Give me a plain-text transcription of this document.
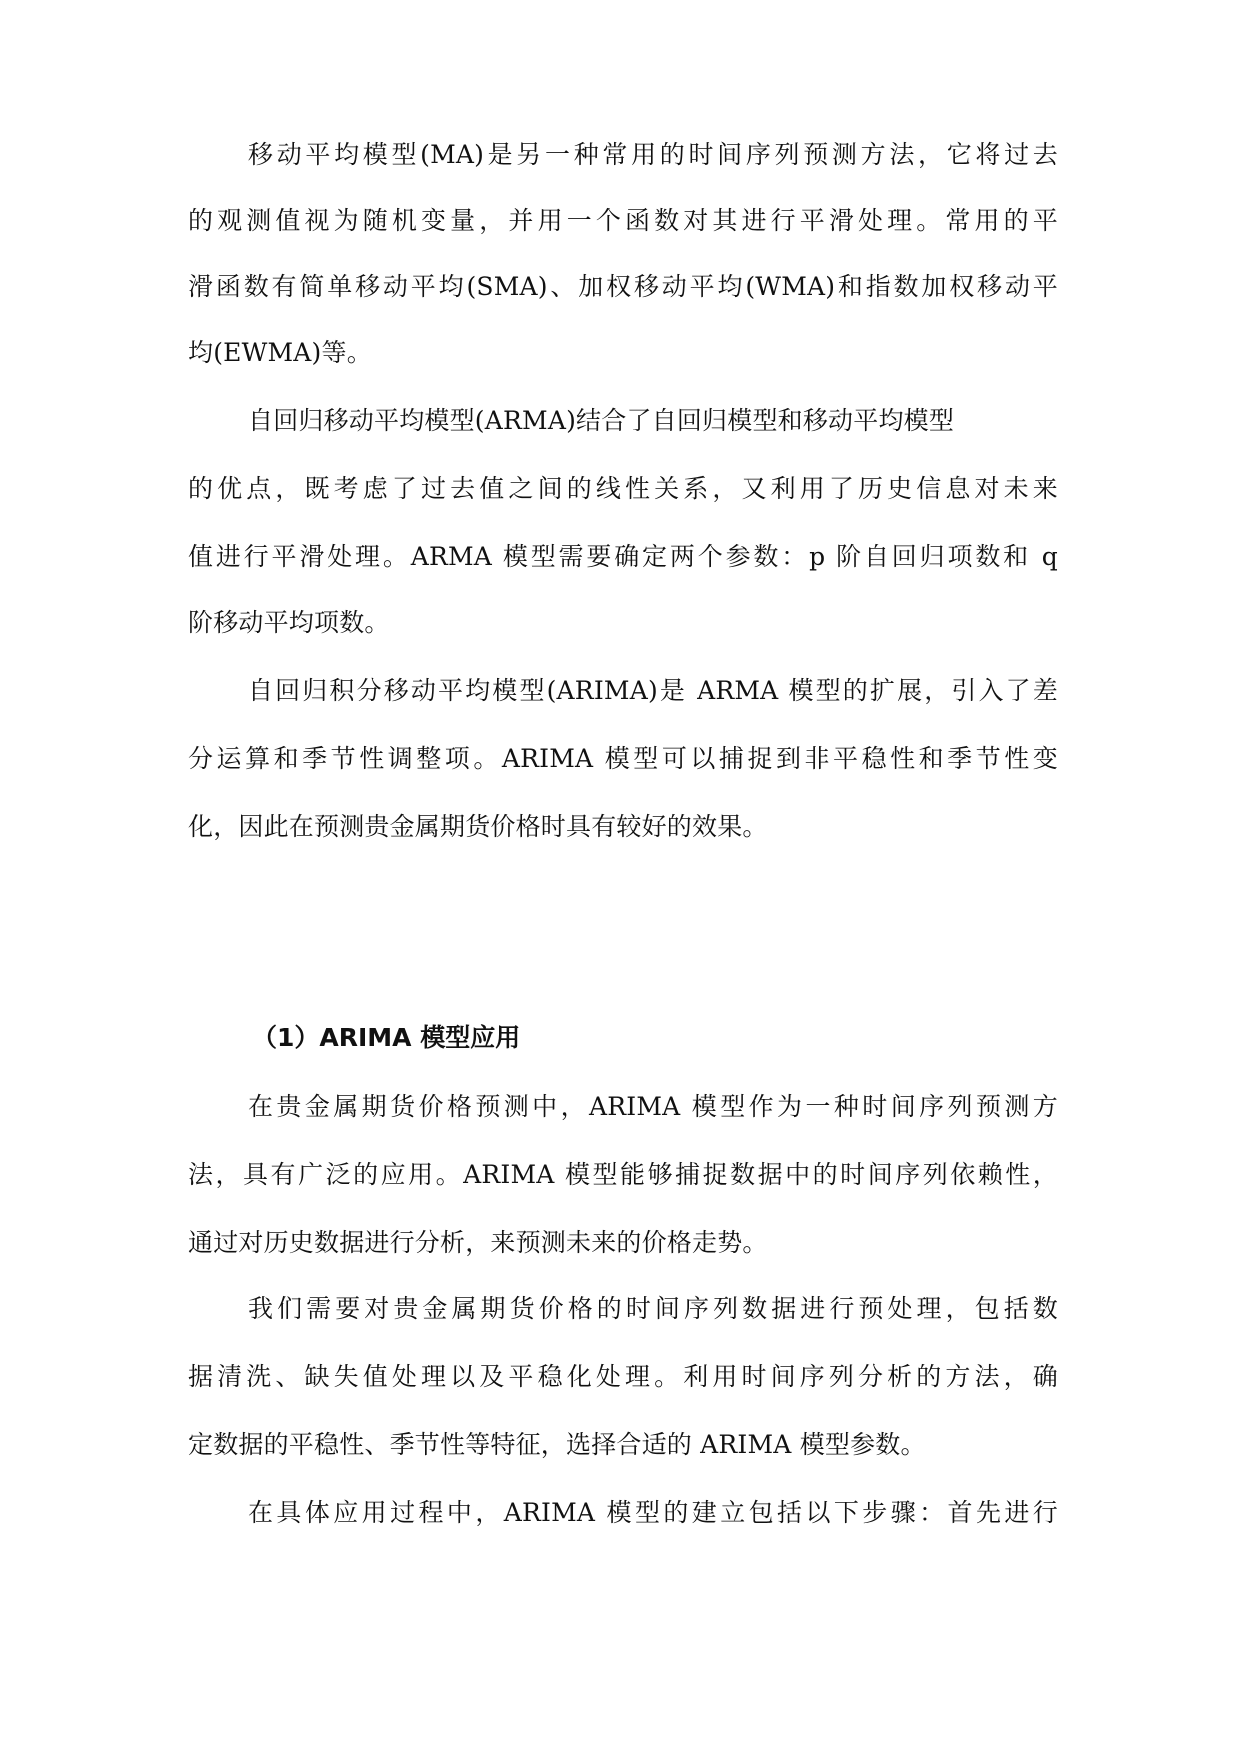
移动平均模型(MA)是另一种常用的时间序列预测方法，它将过去
的观测值视为随机变量，并用一个函数对其进行平滑处理。常用的平
滑函数有简单移动平均(SMA)、加权移动平均(WMA)和指数加权移动平
均(EWMA)等。
自回归移动平均模型(ARMA)结合了自回归模型和移动平均模型
的优点，既考虑了过去值之间的线性关系，又利用了历史信息对未来
值进行平滑处理。ARMA 模型需要确定两个参数：p 阶自回归项数和 q
阶移动平均项数。
自回归积分移动平均模型(ARIMA)是 ARMA 模型的扩展，引入了差
分运算和季节性调整项。ARIMA 模型可以捕捉到非平稳性和季节性变
化，因此在预测贵金属期货价格时具有较好的效果。
（1）ARIMA 模型应用
在贵金属期货价格预测中，ARIMA 模型作为一种时间序列预测方
法，具有广泛的应用。ARIMA 模型能够捕捉数据中的时间序列依赖性，
通过对历史数据进行分析，来预测未来的价格走势。
我们需要对贵金属期货价格的时间序列数据进行预处理，包括数
据清洗、缺失值处理以及平稳化处理。利用时间序列分析的方法，确
定数据的平稳性、季节性等特征，选择合适的 ARIMA 模型参数。
在具体应用过程中，ARIMA 模型的建立包括以下步骤：首先进行
